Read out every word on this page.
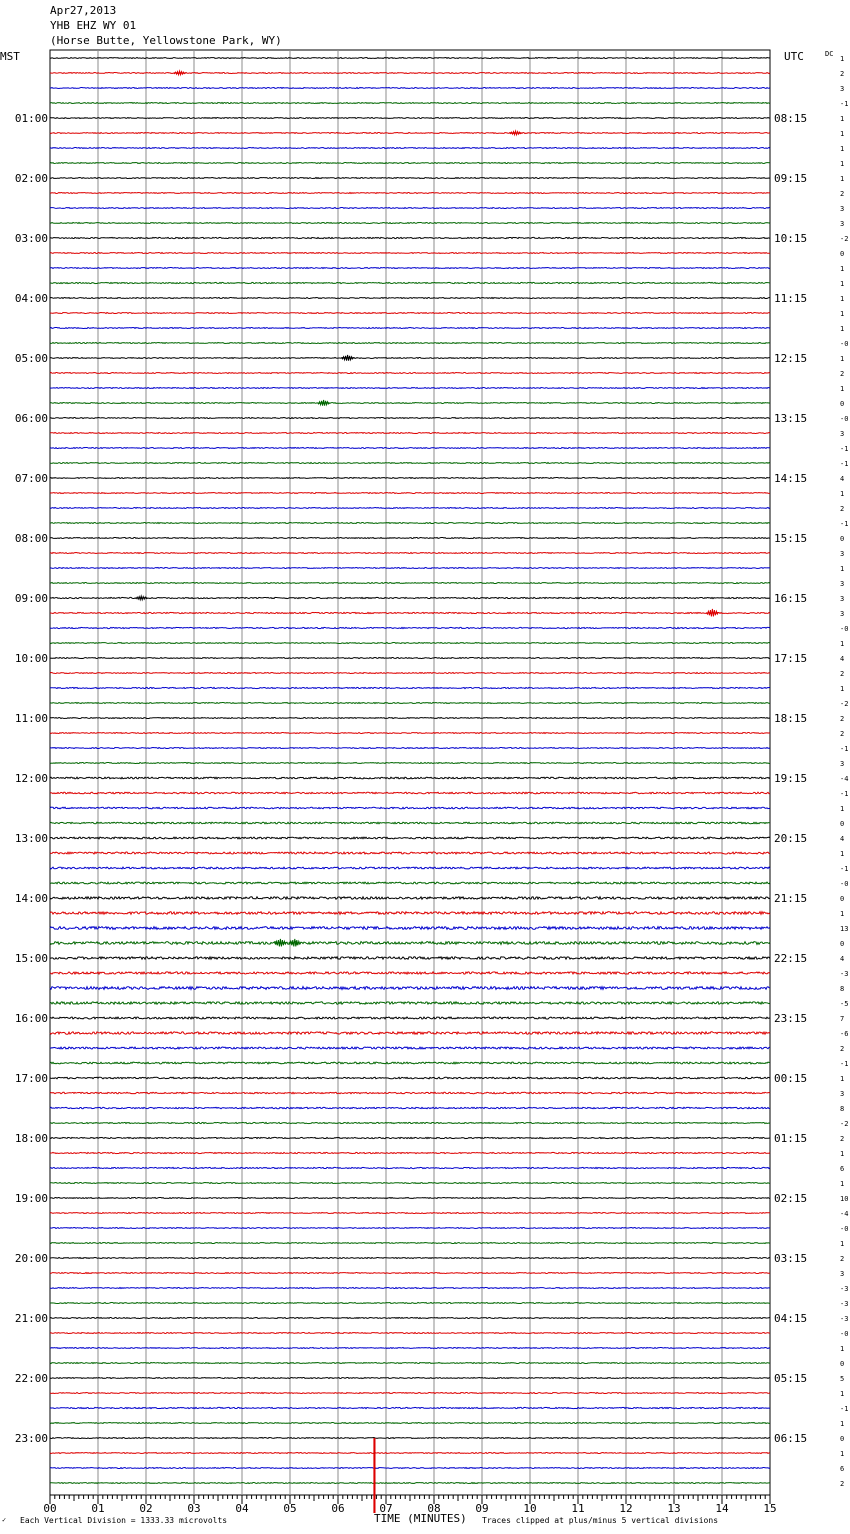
Apr27,2013
YHB EHZ WY 01
(Horse Butte, Yellowstone Park, WY)
MST	UTC	DC
01:00	08:15
02:00	09:15
03:00	10:15
04:00	11:15
05:00	12:15
06:00	13:15
07:00	14:15
08:00	15:15
09:00	16:15
10:00	17:15
11:00	18:15
12:00	19:15
13:00	20:15
14:00	21:15
15:00	22:15
16:00	23:15
17:00	00:15
18:00	01:15
19:00	02:15
20:00	03:15
21:00	04:15
22:00	05:15
23:00	06:15
1
2
3
-1
1
1
1
1
1
2
3
3
-2
0
1
1
1
1
1
-0
1
2
1
0
-0
3
-1
-1
4
1
2
-1
0
3
1
3
3
3
-0
1
4
2
1
-2
2
2
-1
3
-4
-1
1
0
4
1
-1
-0
0
1
13
0
4
-3
8
-5
7
-6
2
-1
1
3
8
-2
2
1
6
1
10
-4
-0
1
2
3
-3
-3
-3
-0
1
0
5
1
-1
1
0
1
6
2
00	01	02	03	04	05	06	07	08	09	10	11	12	13	14	15
✓ Each Vertical Division = 1333.33 microvolts	TIME (MINUTES) Traces clipped at plus/minus 5 vertical divisions
